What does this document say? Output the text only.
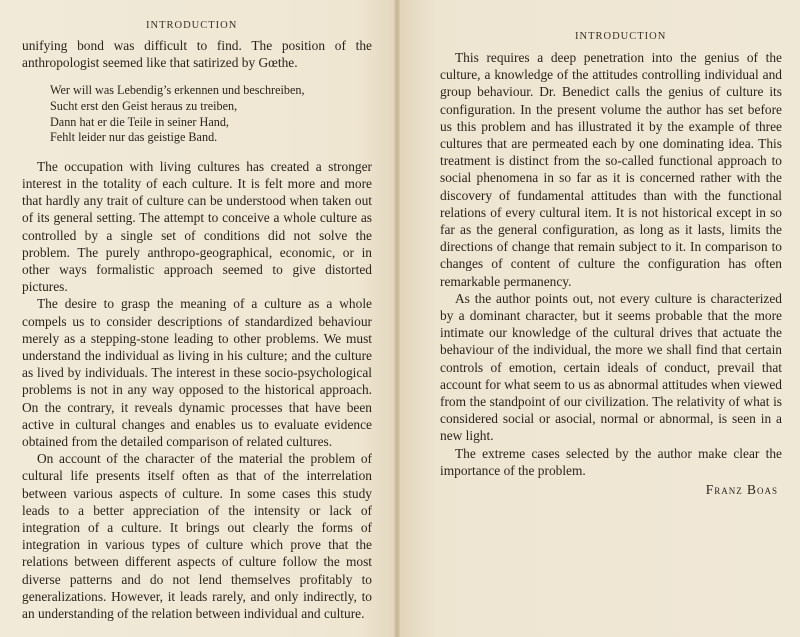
INTRODUCTION

unifying bond was difficult to find. The position of the anthropologist seemed like that satirized by Gœthe.

Wer will was Lebendig’s erkennen und beschreiben,
Sucht erst den Geist heraus zu treiben,
Dann hat er die Teile in seiner Hand,
Fehlt leider nur das geistige Band.

The occupation with living cultures has created a stronger interest in the totality of each culture. It is felt more and more that hardly any trait of culture can be understood when taken out of its general setting. The attempt to conceive a whole culture as controlled by a single set of conditions did not solve the problem. The purely anthropo-geographical, economic, or in other ways formalistic approach seemed to give distorted pictures.

The desire to grasp the meaning of a culture as a whole compels us to consider descriptions of standardized behaviour merely as a stepping-stone leading to other problems. We must understand the individual as living in his culture; and the culture as lived by individuals. The interest in these socio-psychological problems is not in any way opposed to the historical approach. On the contrary, it reveals dynamic processes that have been active in cultural changes and enables us to evaluate evidence obtained from the detailed comparison of related cultures.

On account of the character of the material the problem of cultural life presents itself often as that of the interrelation between various aspects of culture. In some cases this study leads to a better appreciation of the intensity or lack of integration of a culture. It brings out clearly the forms of integration in various types of culture which prove that the relations between different aspects of culture follow the most diverse patterns and do not lend themselves profitably to generalizations. However, it leads rarely, and only indirectly, to an understanding of the relation between individual and culture.

INTRODUCTION

This requires a deep penetration into the genius of the culture, a knowledge of the attitudes controlling individual and group behaviour. Dr. Benedict calls the genius of culture its configuration. In the present volume the author has set before us this problem and has illustrated it by the example of three cultures that are permeated each by one dominating idea. This treatment is distinct from the so-called functional approach to social phenomena in so far as it is concerned rather with the discovery of fundamental attitudes than with the functional relations of every cultural item. It is not historical except in so far as the general configuration, as long as it lasts, limits the directions of change that remain subject to it. In comparison to changes of content of culture the configuration has often remarkable permanency.

As the author points out, not every culture is characterized by a dominant character, but it seems probable that the more intimate our knowledge of the cultural drives that actuate the behaviour of the individual, the more we shall find that certain controls of emotion, certain ideals of conduct, prevail that account for what seem to us as abnormal attitudes when viewed from the standpoint of our civilization. The relativity of what is considered social or asocial, normal or abnormal, is seen in a new light.

The extreme cases selected by the author make clear the importance of the problem.

Franz Boas
